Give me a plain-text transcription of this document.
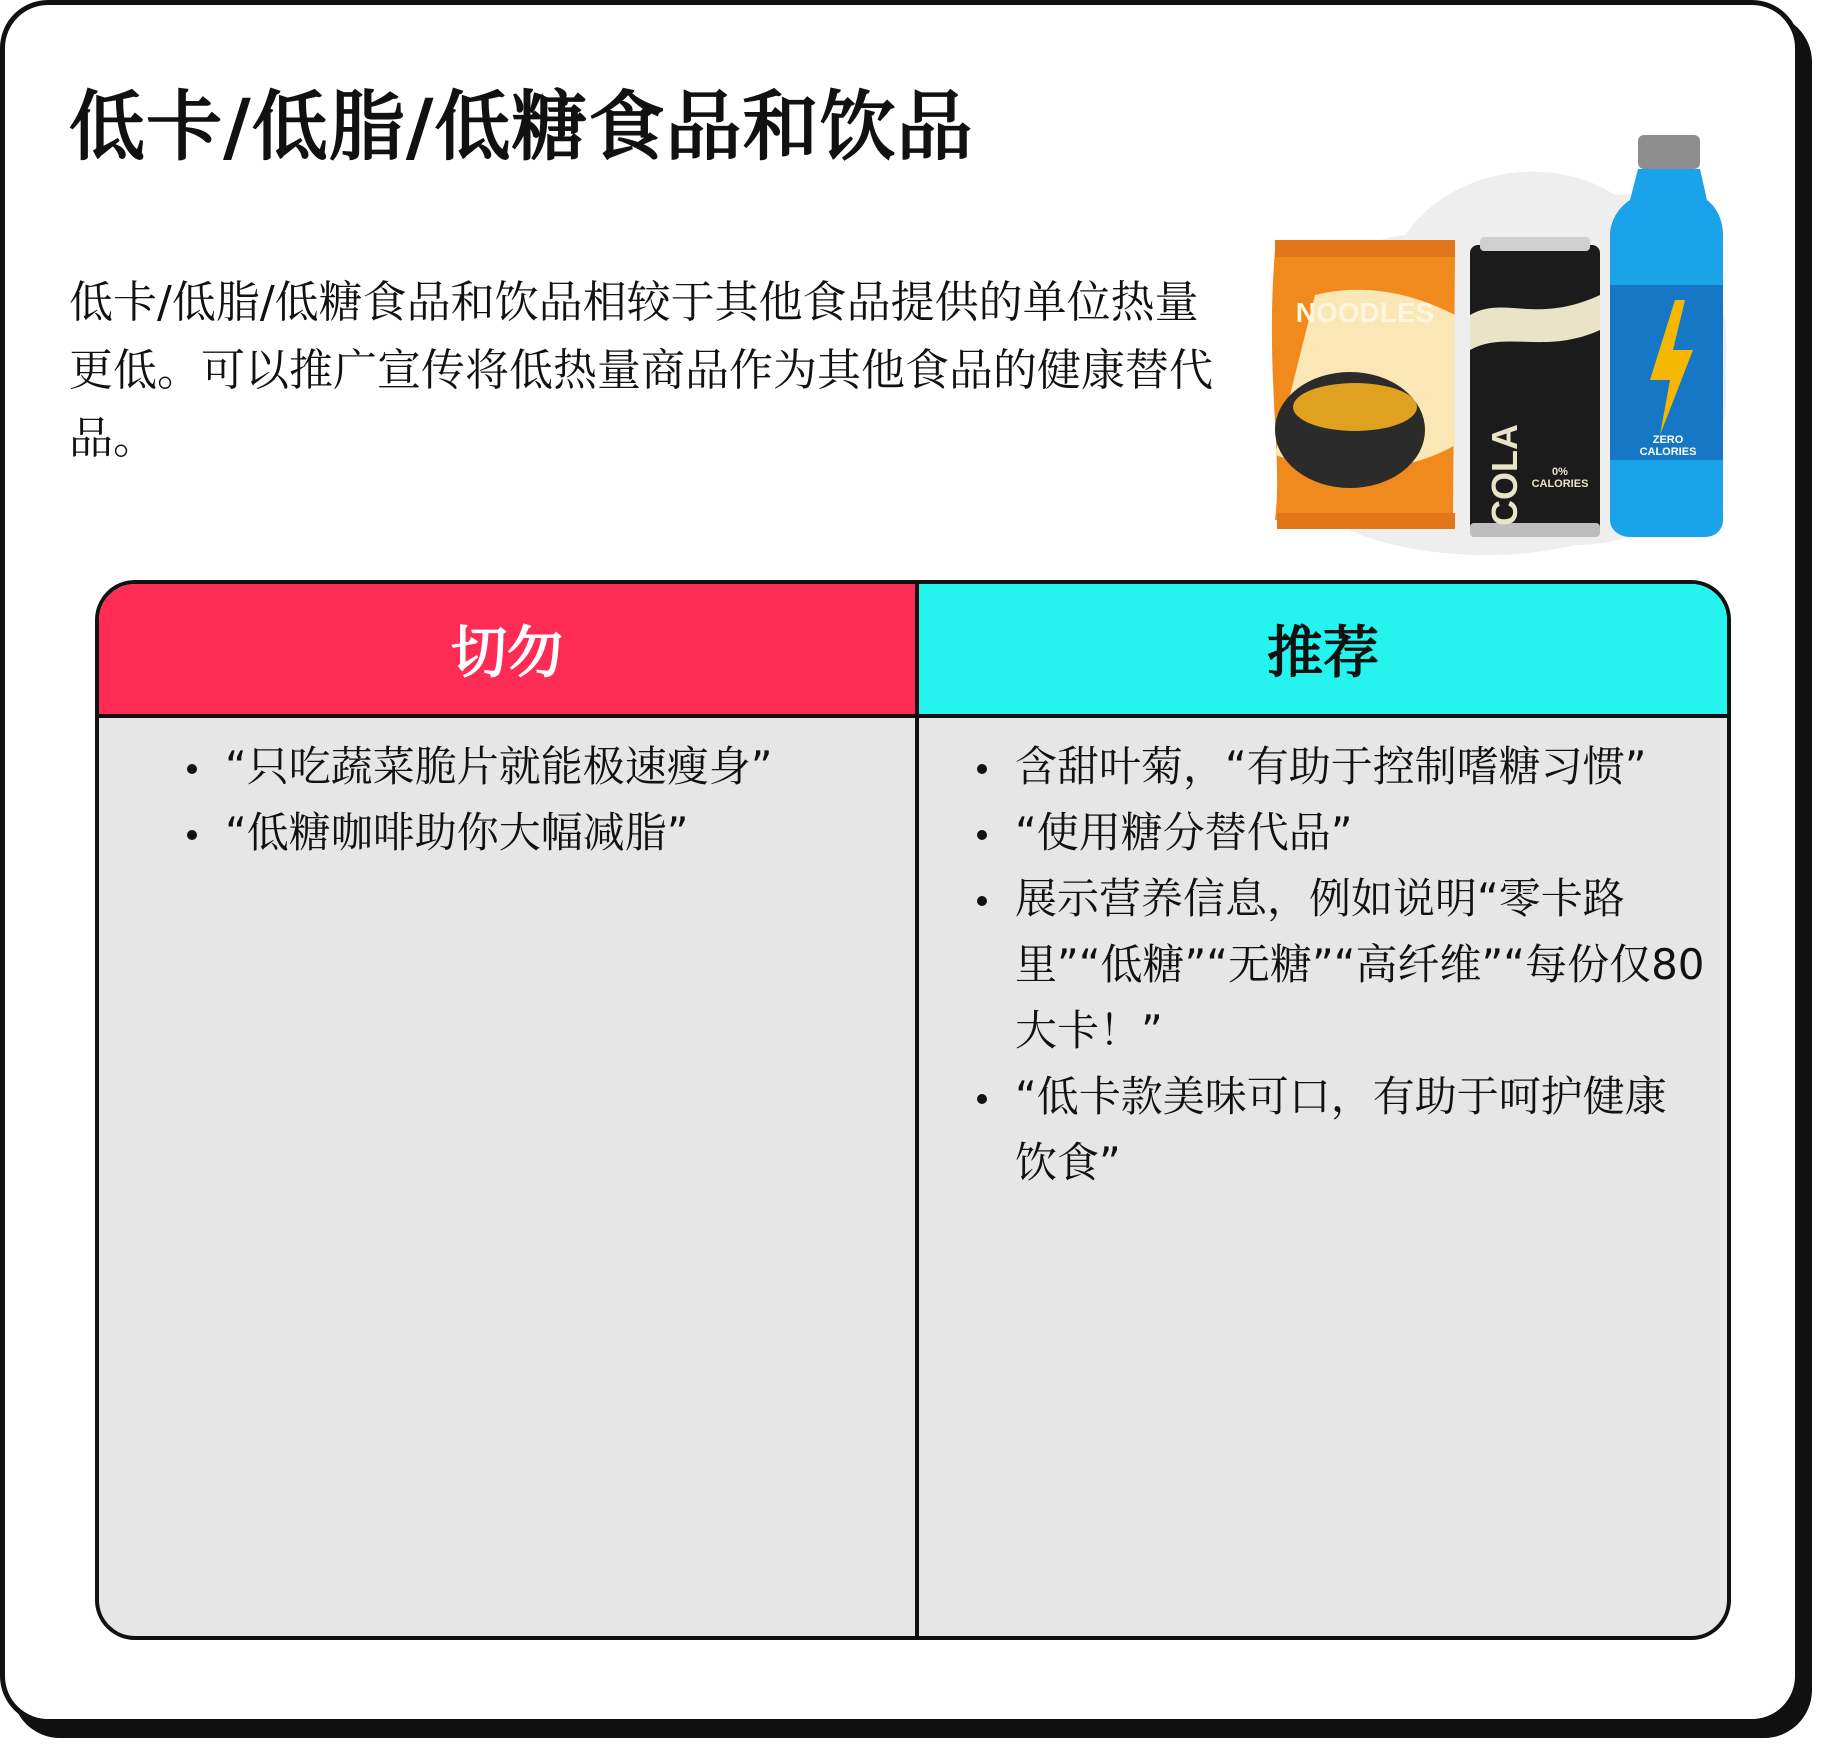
低卡/低脂/低糖食品和饮品
低卡/低脂/低糖食品和饮品相较于其他食品提供的单位热量更低。可以推广宣传将低热量商品作为其他食品的健康替代品。
NOODLES
COLA 0%
CALORIES
ZERO
CALORIES
切勿
“只吃蔬菜脆片就能极速瘦身”
“低糖咖啡助你大幅减脂”
推荐
含甜叶菊，“有助于控制嗜糖习惯”
“使用糖分替代品”
展示营养信息，例如说明“零卡路里”“低糖”“无糖”“高纤维”“每份仅80大卡！”
“低卡款美味可口，有助于呵护健康饮食”
